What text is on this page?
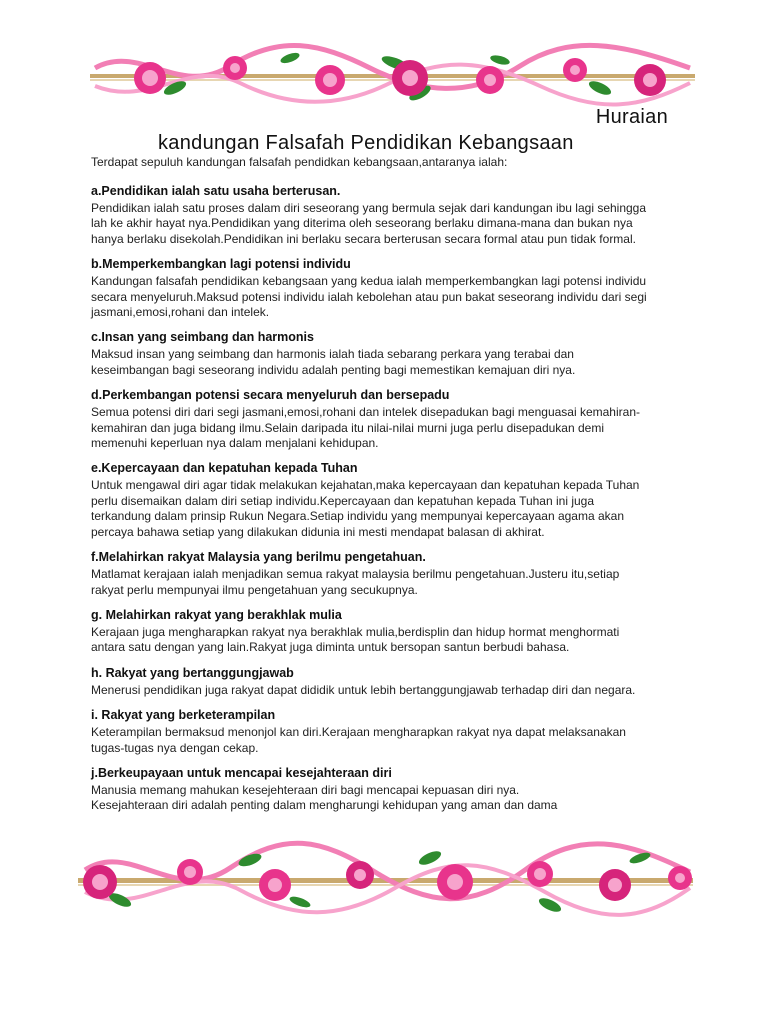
Huraian
kandungan Falsafah Pendidikan Kebangsaan

Terdapat sepuluh kandungan falsafah pendidkan kebangsaan,antaranya ialah:

a.Pendidikan ialah satu usaha berterusan.

Pendidikan ialah satu proses dalam diri seseorang yang bermula sejak dari kandungan ibu lagi sehingga
lah ke akhir hayat nya.Pendidikan yang diterima oleh seseorang berlaku dimana-mana dan bukan nya
hanya berlaku disekolah.Pendidikan ini berlaku secara berterusan secara formal atau pun tidak formal.

b.Memperkembangkan lagi potensi individu

Kandungan falsafah pendidikan kebangsaan yang kedua ialah memperkembangkan lagi potensi individu
secara menyeluruh.Maksud potensi individu ialah kebolehan atau pun bakat seseorang individu dari segi
jasmani,emosi,rohani dan intelek.

c.Insan yang seimbang dan harmonis

Maksud insan yang seimbang dan harmonis ialah tiada sebarang perkara yang terabai dan
keseimbangan bagi seseorang individu adalah penting bagi memestikan kemajuan diri nya.

d.Perkembangan potensi secara menyeluruh dan bersepadu

Semua potensi diri dari segi jasmani,emosi,rohani dan intelek disepadukan bagi menguasai kemahiran-
kemahiran dan juga bidang ilmu.Selain daripada itu nilai-nilai murni juga perlu disepadukan demi
memenuhi keperluan nya dalam menjalani kehidupan.

e.Kepercayaan dan kepatuhan kepada Tuhan

Untuk mengawal diri agar tidak melakukan kejahatan,maka kepercayaan dan kepatuhan kepada Tuhan
perlu disemaikan dalam diri setiap individu.Kepercayaan dan kepatuhan kepada Tuhan ini juga
terkandung dalam prinsip Rukun Negara.Setiap individu yang mempunyai kepercayaan agama akan
percaya bahawa setiap yang dilakukan didunia ini mesti mendapat balasan di akhirat.

f.Melahirkan rakyat Malaysia yang berilmu pengetahuan.

Matlamat kerajaan ialah menjadikan semua rakyat malaysia berilmu pengetahuan.Justeru itu,setiap
rakyat perlu mempunyai ilmu pengetahuan yang secukupnya.

g. Melahirkan rakyat yang berakhlak mulia

Kerajaan juga mengharapkan rakyat nya berakhlak mulia,berdisplin dan hidup hormat menghormati
antara satu dengan yang lain.Rakyat juga diminta untuk bersopan santun berbudi bahasa.

h. Rakyat yang bertanggungjawab

Menerusi pendidikan juga rakyat dapat dididik untuk lebih bertanggungjawab terhadap diri dan negara.

i. Rakyat yang berketerampilan

Keterampilan bermaksud menonjol kan diri.Kerajaan mengharapkan rakyat nya dapat melaksanakan
tugas-tugas nya dengan cekap.

j.Berkeupayaan untuk mencapai kesejahteraan diri

Manusia memang mahukan kesejehteraan diri bagi mencapai kepuasan diri nya.
Kesejahteraan diri adalah penting dalam mengharungi kehidupan yang aman dan dama
